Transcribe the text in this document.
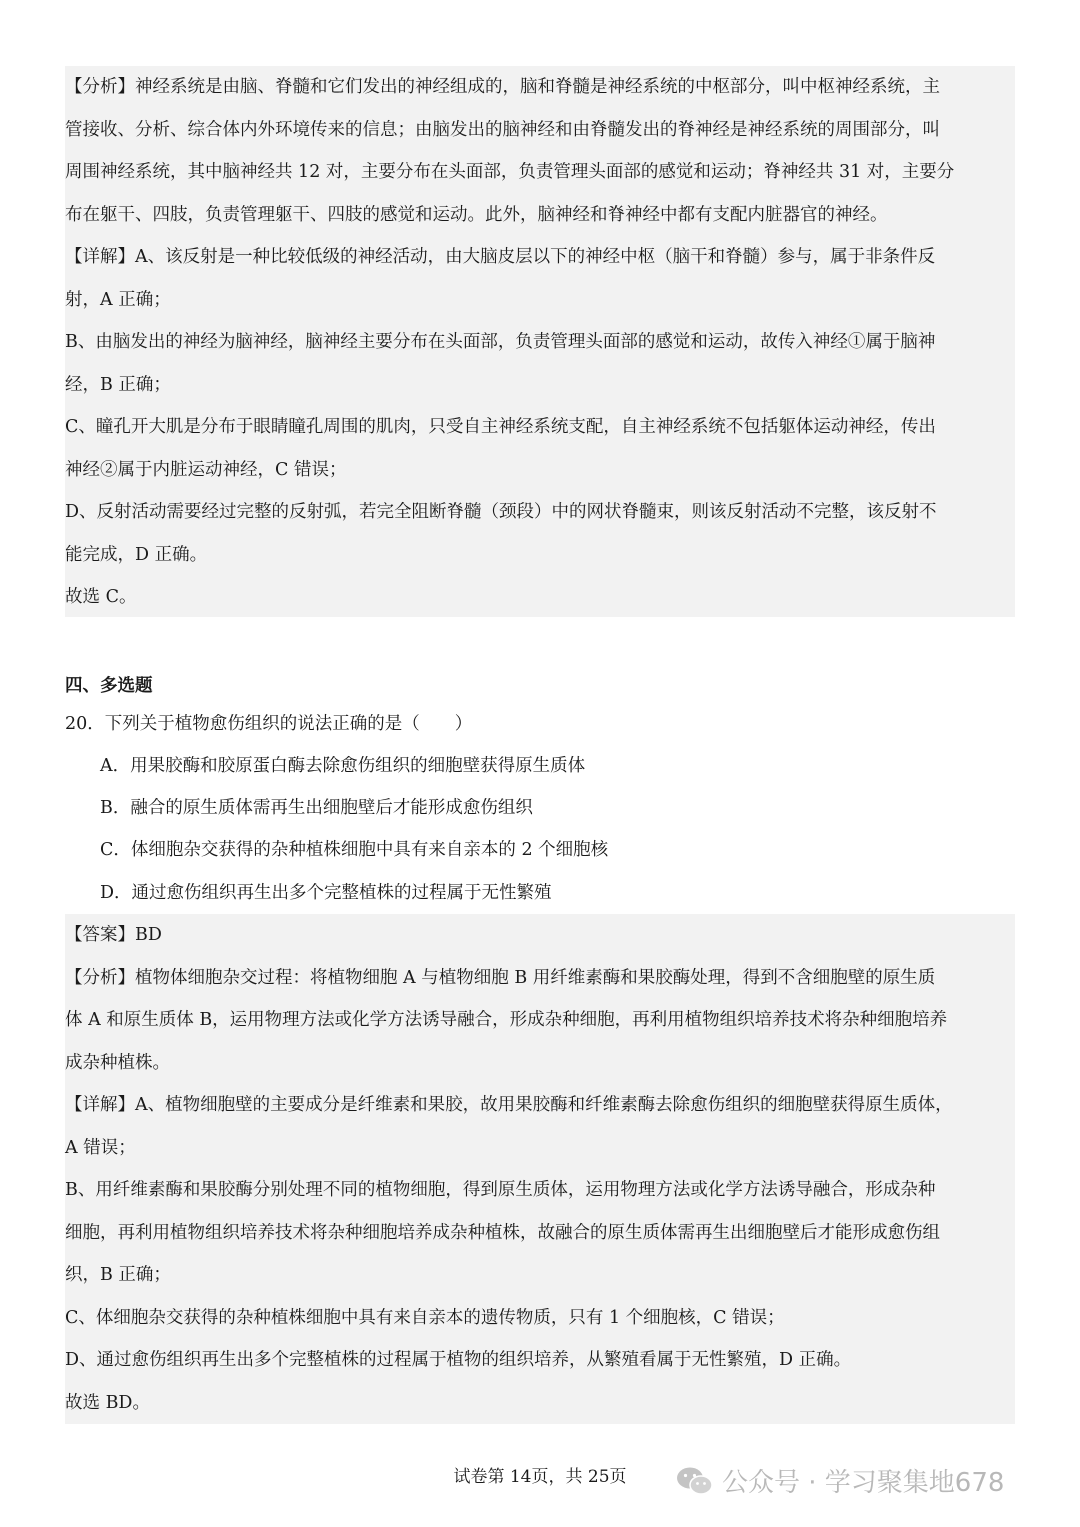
【分析】神经系统是由脑、脊髓和它们发出的神经组成的，脑和脊髓是神经系统的中枢部分，叫中枢神经系统，主

管接收、分析、综合体内外环境传来的信息；由脑发出的脑神经和由脊髓发出的脊神经是神经系统的周围部分，叫

周围神经系统，其中脑神经共 12 对，主要分布在头面部，负责管理头面部的感觉和运动；脊神经共 31 对，主要分

布在躯干、四肢，负责管理躯干、四肢的感觉和运动。此外，脑神经和脊神经中都有支配内脏器官的神经。

【详解】A、该反射是一种比较低级的神经活动，由大脑皮层以下的神经中枢（脑干和脊髓）参与，属于非条件反

射，A 正确；

B、由脑发出的神经为脑神经，脑神经主要分布在头面部，负责管理头面部的感觉和运动，故传入神经①属于脑神

经，B 正确；

C、瞳孔开大肌是分布于眼睛瞳孔周围的肌肉，只受自主神经系统支配，自主神经系统不包括躯体运动神经，传出

神经②属于内脏运动神经，C 错误；

D、反射活动需要经过完整的反射弧，若完全阻断脊髓（颈段）中的网状脊髓束，则该反射活动不完整，该反射不

能完成，D 正确。

故选 C。

四、多选题
20．下列关于植物愈伤组织的说法正确的是（　　）
A．用果胶酶和胶原蛋白酶去除愈伤组织的细胞壁获得原生质体
B．融合的原生质体需再生出细胞壁后才能形成愈伤组织
C．体细胞杂交获得的杂种植株细胞中具有来自亲本的 2 个细胞核
D．通过愈伤组织再生出多个完整植株的过程属于无性繁殖

【答案】BD

【分析】植物体细胞杂交过程：将植物细胞 A 与植物细胞 B 用纤维素酶和果胶酶处理，得到不含细胞壁的原生质

体 A 和原生质体 B，运用物理方法或化学方法诱导融合，形成杂种细胞，再利用植物组织培养技术将杂种细胞培养

成杂种植株。

【详解】A、植物细胞壁的主要成分是纤维素和果胶，故用果胶酶和纤维素酶去除愈伤组织的细胞壁获得原生质体，

A 错误；

B、用纤维素酶和果胶酶分别处理不同的植物细胞，得到原生质体，运用物理方法或化学方法诱导融合，形成杂种

细胞，再利用植物组织培养技术将杂种细胞培养成杂种植株，故融合的原生质体需再生出细胞壁后才能形成愈伤组

织，B 正确；

C、体细胞杂交获得的杂种植株细胞中具有来自亲本的遗传物质，只有 1 个细胞核，C 错误；

D、通过愈伤组织再生出多个完整植株的过程属于植物的组织培养，从繁殖看属于无性繁殖，D 正确。

故选 BD。

试卷第 14页，共 25页	公众号 · 学习聚集地678
